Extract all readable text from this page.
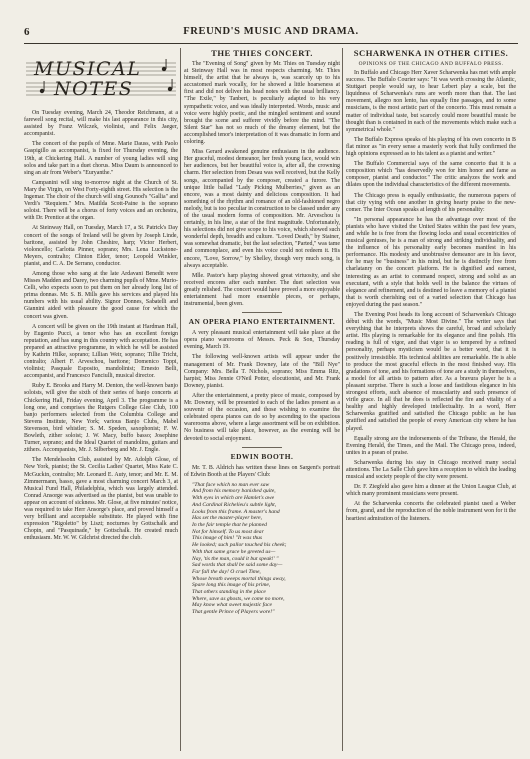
6	FREUND'S MUSIC AND DRAMA.
MUSICAL
NOTES

On Tuesday evening, March 24, Theodor Reichmann, at a farewell song recital, will make his last appearance in this city, assisted by Franz Wilczek, violinist, and Felix Jaeger, accompanist.

The concert of the pupils of Mme. Marie Dauss, with Paolo Gaspigillo as accompanist, is fixed for Thursday evening, the 19th, at Chickering Hall. A number of young ladies will sing solos and take part in a duet chorus. Miss Daum is announced to sing an air from Weber's "Euryanthe."

Campanini will sing to-morrow night at the Church of St. Mary the Virgin, on West Forty-eighth street. His selection is the Ingemar. The choir of the church will sing Gounod's "Gallia" and Verdi's "Requiem." Mrs. Matilda Scott-Paine is the soprano soloist. There will be a chorus of forty voices and an orchestra, with Dr. Prentice at the organ.

At Steinway Hall, on Tuesday, March 17, a St. Patrick's Day concert of the songs of Ireland will be given by Joseph Linde, baritone, assisted by John Cheshire, harp; Victor Herbert, violoncello; Carlotta Pinner, soprano; Mrs. Lena Luckstone-Meyers, contralto; Clinton Elder, tenor; Leopold Winkler, pianist, and C. A. De Serrano, conductor.

Among those who sang at the late Ardavani Benedit were Misses Madden and Darey, two charming pupils of Mme. Murio-Celli, who expects soon to put them on her already long list of prima donnas. Mr. S. B. Mills gave his services and played his numbers with his usual ability. Signor Donnes, Sabatelli and Giannini aided with pleasure the good cause for which the concert was given.

A concert will be given on the 19th instant at Hardman Hall, by Eugenio Pucci, a tenor who has an excellent foreign reputation, and has sung in this country with acceptation. He has prepared an attractive programme, in which he will be assisted by Kathrin Hilke, soprano; Lillian Weir, soprano; Tillie Tricht, contralto; Albert F. Arveschou, baritone; Domenico Toppi, violinist; Pasquale Esposito, mandolinist; Ernesto Belli, accompanist, and Francesco Fanciulli, musical director.

Ruby E. Brooks and Harry M. Denton, the well-known banjo soloists, will give the sixth of their series of banjo concerts at Chickering Hall, Friday evening, April 3. The programme is a long one, and comprises the Rutgers College Glee Club, 100 banjo performers selected from the Columbia College and Stevens Institute, New York; various Banjo Clubs, Mabel Stevenson, bird whistler; S. M. Speden, saxophonist; F. W. Bowleth, zither soloist; J. W. Macy, buffo basso; Josephine Turner, soprano; and the Ideal Quartet of mandolins, guitars and zithers. Accompanists, Mr. J. Silberberg and Mr. J. Engle.

The Mendelssohn Club, assisted by Mr. Adolph Glose, of New York, pianist; the St. Cecilia Ladies' Quartet, Miss Kate C. McGuckin, contralto; Mr. Leonard E. Auty, tenor; and Mr. E. M. Zimmermann, basso, gave a most charming concert March 3, at Musical Fund Hall, Philadelphia, which was largely attended. Conrad Ansorge was advertised as the pianist, but was unable to appear on account of sickness. Mr. Glose, at five minutes' notice, was required to take Herr Ansorge's place, and proved himself a very brilliant and acceptable substitute. He played with fine expression "Rigoletto" by Liszt; nocturnes by Gottschalk and Chopin, and "Pasquinade," by Gottschalk. He created much enthusiasm. Mr. W. W. Gilchrist directed the club.

THE THIES CONCERT.

The "Evening of Song" given by Mr. Thies on Tuesday night at Steinway Hall was in most respects charming. Mr. Thies himself, the artist that he always is, was scarcely up to his accustomed mark vocally, for he showed a little hoarseness at first and did not deliver his head notes with the usual brilliancy. "The Exile," by Tanbert, is peculiarly adapted to his very sympathetic voice, and was ideally interpreted. Words, music and voice were highly poetic, and the mingled sentiment and sound brought the scene and sufferer vividly before the mind. "The Silent Star" has not so much of the dreamy element, but the accomplished tenor's interpretation of it was dramatic in form and coloring.

Miss Gerard awakened genuine enthusiasm in the audience. Her graceful, modest demeanor, her fresh young face, would win her audiences, but her beautiful voice is, after all, the crowning charm. Her selection from Desau was well received, but the Kelly songs, accompanied by the composer, created a furore. The unique little ballad "Lady Picking Mulberries," given as an encore, was a most dainty and delicious composition. It had something of the rhythm and romance of an old-fashioned negro melody, but is too peculiar in construction to be classed under any of the usual modern forms of composition. Mr. Arveschou is certainly, in his line, a star of the first magnitude. Unfortunately, his selections did not give scope to his voice, which showed such wonderful depth, breadth and culture. "Loved Death," by Stainer, was somewhat dramatic, but the last selection, "Parted," was tame and commonplace, and even his voice could not redeem it. His encore, "Love, Sorrow," by Shelley, though very much song, is always acceptable.

Mlle. Pastor's harp playing showed great virtuosity, and she received encores after each number. The duet selection was greatly relished. The concert would have proved a more enjoyable entertainment had more ensemble pieces, or perhaps, instrumental, been given.

AN OPERA PIANO ENTERTAINMENT.

A very pleasant musical entertainment will take place at the opera piano warerooms of Messrs. Peck & Son, Thursday evening, March 19.

The following well-known artists will appear under the management of Mr. Frank Downey, late of the "Bill Nye" Company: Mrs. Bella T. Nichols, soprano; Miss Emma Ritz, harpist; Miss Jennie O'Neil Potter, elocutionist, and Mr. Frank Downey, pianist.

After the entertainment, a pretty piece of music, composed by Mr. Downey, will be presented to each of the ladies present as a souvenir of the occasion, and those wishing to examine the celebrated opera pianos can do so by ascending to the spacious warerooms above, where a large assortment will be on exhibition. No business will take place, however, as the evening will be devoted to social enjoyment.

EDWIN BOOTH.

Mr. T. B. Aldrich has written these lines on Sargent's portrait of Edwin Booth at the Players' Club:

"That face which no man ever saw
And from his memory banished quite,
With eyes in which are Hamlet's awe
And Cardinal Richelieu's subtle light,
Looks from this frame. A master's hand
Has set the master-player here,
In the fair temple that he planned
Not for himself. To us most dear
This image of him! "It was thus
He looked; such pallor touched his cheek;
With that same grace he greeted us—
Nay, 'tis the man, could it but speak!' "
Sad words that shall be said some day—
Far fall the day! O cruel Time,
Whose breath sweeps mortal things away,
Spare long this image of his prime,
That others standing in the place
Where, save as ghosts, we come no more,
May know what sweet majestic face
That gentle Prince of Players wore!"
SCHARWENKA IN OTHER CITIES.
OPINIONS OF THE CHICAGO AND BUFFALO PRESS.

In Buffalo and Chicago Herr Xaver Scharwenka has met with ample success. The Buffalo Courier says: "It was worth crossing the Atlantic, Stuttgart people would say, to hear Lebert play a scale, but the liquidness of Scharwenka's runs are worth more than that. The last movement, allegro non lento, has equally fine passages, and to some musicians, is the most artistic part of the concerto. This must remain a matter of individual taste, but scarcely could more beautiful music be thought than is contained in each of the movements which make such a symmetrical whole."

The Buffalo Express speaks of his playing of his own concerto in B flat minor as "in every sense a masterly work that fully confirmed the high opinions expressed as to his talent as a pianist and writer."

The Buffalo Commercial says of the same concerto that it is a composition which "has deservedly won for him honor and fame as composer, pianist and conductor." The critic analyzes the work and dilates upon the individual characteristics of the different movements.

The Chicago press is equally enthusiastic, the numerous papers of that city vying with one another in giving hearty praise to the new-comer. The Inter Ocean speaks at length of his personality:

"In personal appearance he has the advantage over most of the pianists who have visited the United States within the past few years, and while he is free from the flowing locks and usual eccentricities of musical geniuses, he is a man of strong and striking individuality, and the influence of his personality early becomes manifest in his performance. His modesty and unobtrusive demeanor are in his favor, for he may be "business" in his mind, but he is distinctly free from charlatanry on the concert platform. He is dignified and earnest, interesting as an artist to command respect, strong and solid as an executant, with a style that holds well in the balance the virtues of elegance and refinement, and is destined to leave a memory of a pianist that is worth cherishing out of a varied selection that Chicago has enjoyed during the past season."

The Evening Post heads its long account of Scharwenka's Chicago début with the words, "Music Most Divine." The writer says that everything that he interprets shows the careful, broad and scholarly artist. His playing is remarkable for its elegance and fine polish. His reading is full of vigor, and that vigor is so tempered by a refined personality, perhaps mysticism would be a better word, that it is positively irresistible. His technical abilities are remarkable. He is able to produce the most graceful effects in the most finished way. His gradations of tone, and his formations of tone are a study in themselves, a model for all artists to pattern after. As a bravura player he is a pleasant surprise. There is such a loose and fastidious elegance in his strongest efforts, such absence of muscularity and such presence of virile grace. In all that he does is reflected the fire and vitality of a healthy and highly developed intellectuality. In a word, Herr Scharwenka gratified and satisfied the Chicago public as he has gratified and satisfied the people of every American city where he has played.

Equally strong are the indorsements of the Tribune, the Herald, the Evening Herald, the Times, and the Mail. The Chicago press, indeed, unites in a psean of praise.

Scharwenka during his stay in Chicago received many social attentions. The La Salle Club gave him a reception to which the leading musical and society people of the city were present.

Dr. F. Ziegfeld also gave him a dinner at the Union League Club, at which many prominent musicians were present.

At the Scharwenka concerts the celebrated pianist used a Weber from, grand, and the reproduction of the noble instrument won for it the heartiest admiration of the listeners.
